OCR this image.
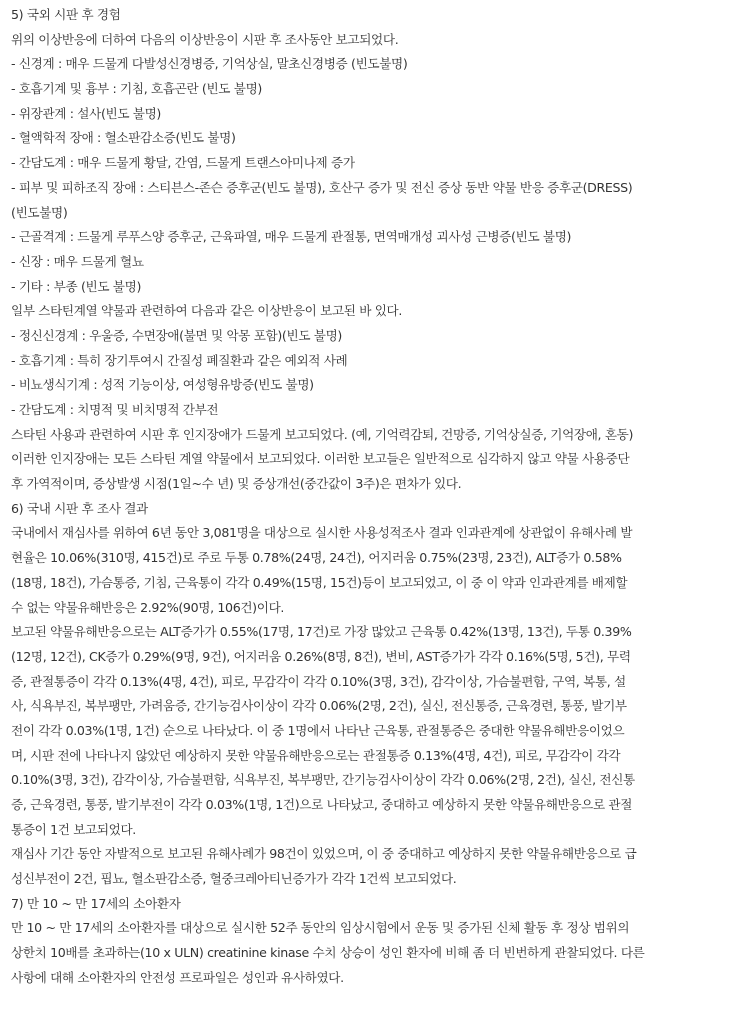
5) 국외 시판 후 경험
위의 이상반응에 더하여 다음의 이상반응이 시판 후 조사동안 보고되었다.
- 신경계 : 매우 드물게 다발성신경병증, 기억상실, 말초신경병증 (빈도불명)
- 호흡기계 및 흉부 : 기침, 호흡곤란 (빈도 불명)
- 위장관계 : 설사(빈도 불명)
- 혈액학적 장애 : 혈소판감소증(빈도 불명)
- 간담도계 : 매우 드물게 황달, 간염, 드물게 트랜스아미나제 증가
- 피부 및 피하조직 장애 : 스티븐스-존슨 증후군(빈도 불명), 호산구 증가 및 전신 증상 동반 약물 반응 증후군(DRESS)
(빈도불명)
- 근골격계 : 드물게 루푸스양 증후군, 근육파열, 매우 드물게 관절통, 면역매개성 괴사성 근병증(빈도 불명)
- 신장 : 매우 드물게 혈뇨
- 기타 : 부종 (빈도 불명)
일부 스타틴계열 약물과 관련하여 다음과 같은 이상반응이 보고된 바 있다.
- 정신신경계 : 우울증, 수면장애(불면 및 악몽 포함)(빈도 불명)
- 호흡기계 : 특히 장기투여시 간질성 폐질환과 같은 예외적 사례
- 비뇨생식기계 : 성적 기능이상, 여성형유방증(빈도 불명)
- 간담도계 : 치명적 및 비치명적 간부전
스타틴 사용과 관련하여 시판 후 인지장애가 드물게 보고되었다. (예, 기억력감퇴, 건망증, 기억상실증, 기억장애, 혼동)
이러한 인지장애는 모든 스타틴 계열 약물에서 보고되었다. 이러한 보고들은 일반적으로 심각하지 않고 약물 사용중단
후 가역적이며, 증상발생 시점(1일~수 년) 및 증상개선(중간값이 3주)은 편차가 있다.
6) 국내 시판 후 조사 결과
국내에서 재심사를 위하여 6년 동안 3,081명을 대상으로 실시한 사용성적조사 결과 인과관계에 상관없이 유해사례 발
현율은 10.06%(310명, 415건)로 주로 두통 0.78%(24명, 24건), 어지러움 0.75%(23명, 23건), ALT증가 0.58%
(18명, 18건), 가슴통증, 기침, 근육통이 각각 0.49%(15명, 15건)등이 보고되었고, 이 중 이 약과 인과관계를 배제할
수 없는 약물유해반응은 2.92%(90명, 106건)이다.
보고된 약물유해반응으로는 ALT증가가 0.55%(17명, 17건)로 가장 많았고 근육통 0.42%(13명, 13건), 두통 0.39%
(12명, 12건), CK증가 0.29%(9명, 9건), 어지러움 0.26%(8명, 8건), 변비, AST증가가 각각 0.16%(5명, 5건), 무력
증, 관절통증이 각각 0.13%(4명, 4건), 피로, 무감각이 각각 0.10%(3명, 3건), 감각이상, 가슴불편함, 구역, 복통, 설
사, 식욕부진, 복부팽만, 가려움증, 간기능검사이상이 각각 0.06%(2명, 2건), 실신, 전신통증, 근육경련, 통풍, 발기부
전이 각각 0.03%(1명, 1건) 순으로 나타났다. 이 중 1명에서 나타난 근육통, 관절통증은 중대한 약물유해반응이었으
며, 시판 전에 나타나지 않았던 예상하지 못한 약물유해반응으로는 관절통증 0.13%(4명, 4건), 피로, 무감각이 각각
0.10%(3명, 3건), 감각이상, 가슴불편함, 식욕부진, 복부팽만, 간기능검사이상이 각각 0.06%(2명, 2건), 실신, 전신통
증, 근육경련, 통풍, 발기부전이 각각 0.03%(1명, 1건)으로 나타났고, 중대하고 예상하지 못한 약물유해반응으로 관절
통증이 1건 보고되었다.
재심사 기간 동안 자발적으로 보고된 유해사례가 98건이 있었으며, 이 중 중대하고 예상하지 못한 약물유해반응으로 급
성신부전이 2건, 핍뇨, 혈소판감소증, 혈중크레아티닌증가가 각각 1건씩 보고되었다.
7) 만 10 ~ 만 17세의 소아환자
만 10 ~ 만 17세의 소아환자를 대상으로 실시한 52주 동안의 임상시험에서 운동 및 증가된 신체 활동 후 정상 범위의
상한치 10배를 초과하는(10 x ULN) creatinine kinase 수치 상승이 성인 환자에 비해 좀 더 빈번하게 관찰되었다. 다른
사항에 대해 소아환자의 안전성 프로파일은 성인과 유사하였다.
